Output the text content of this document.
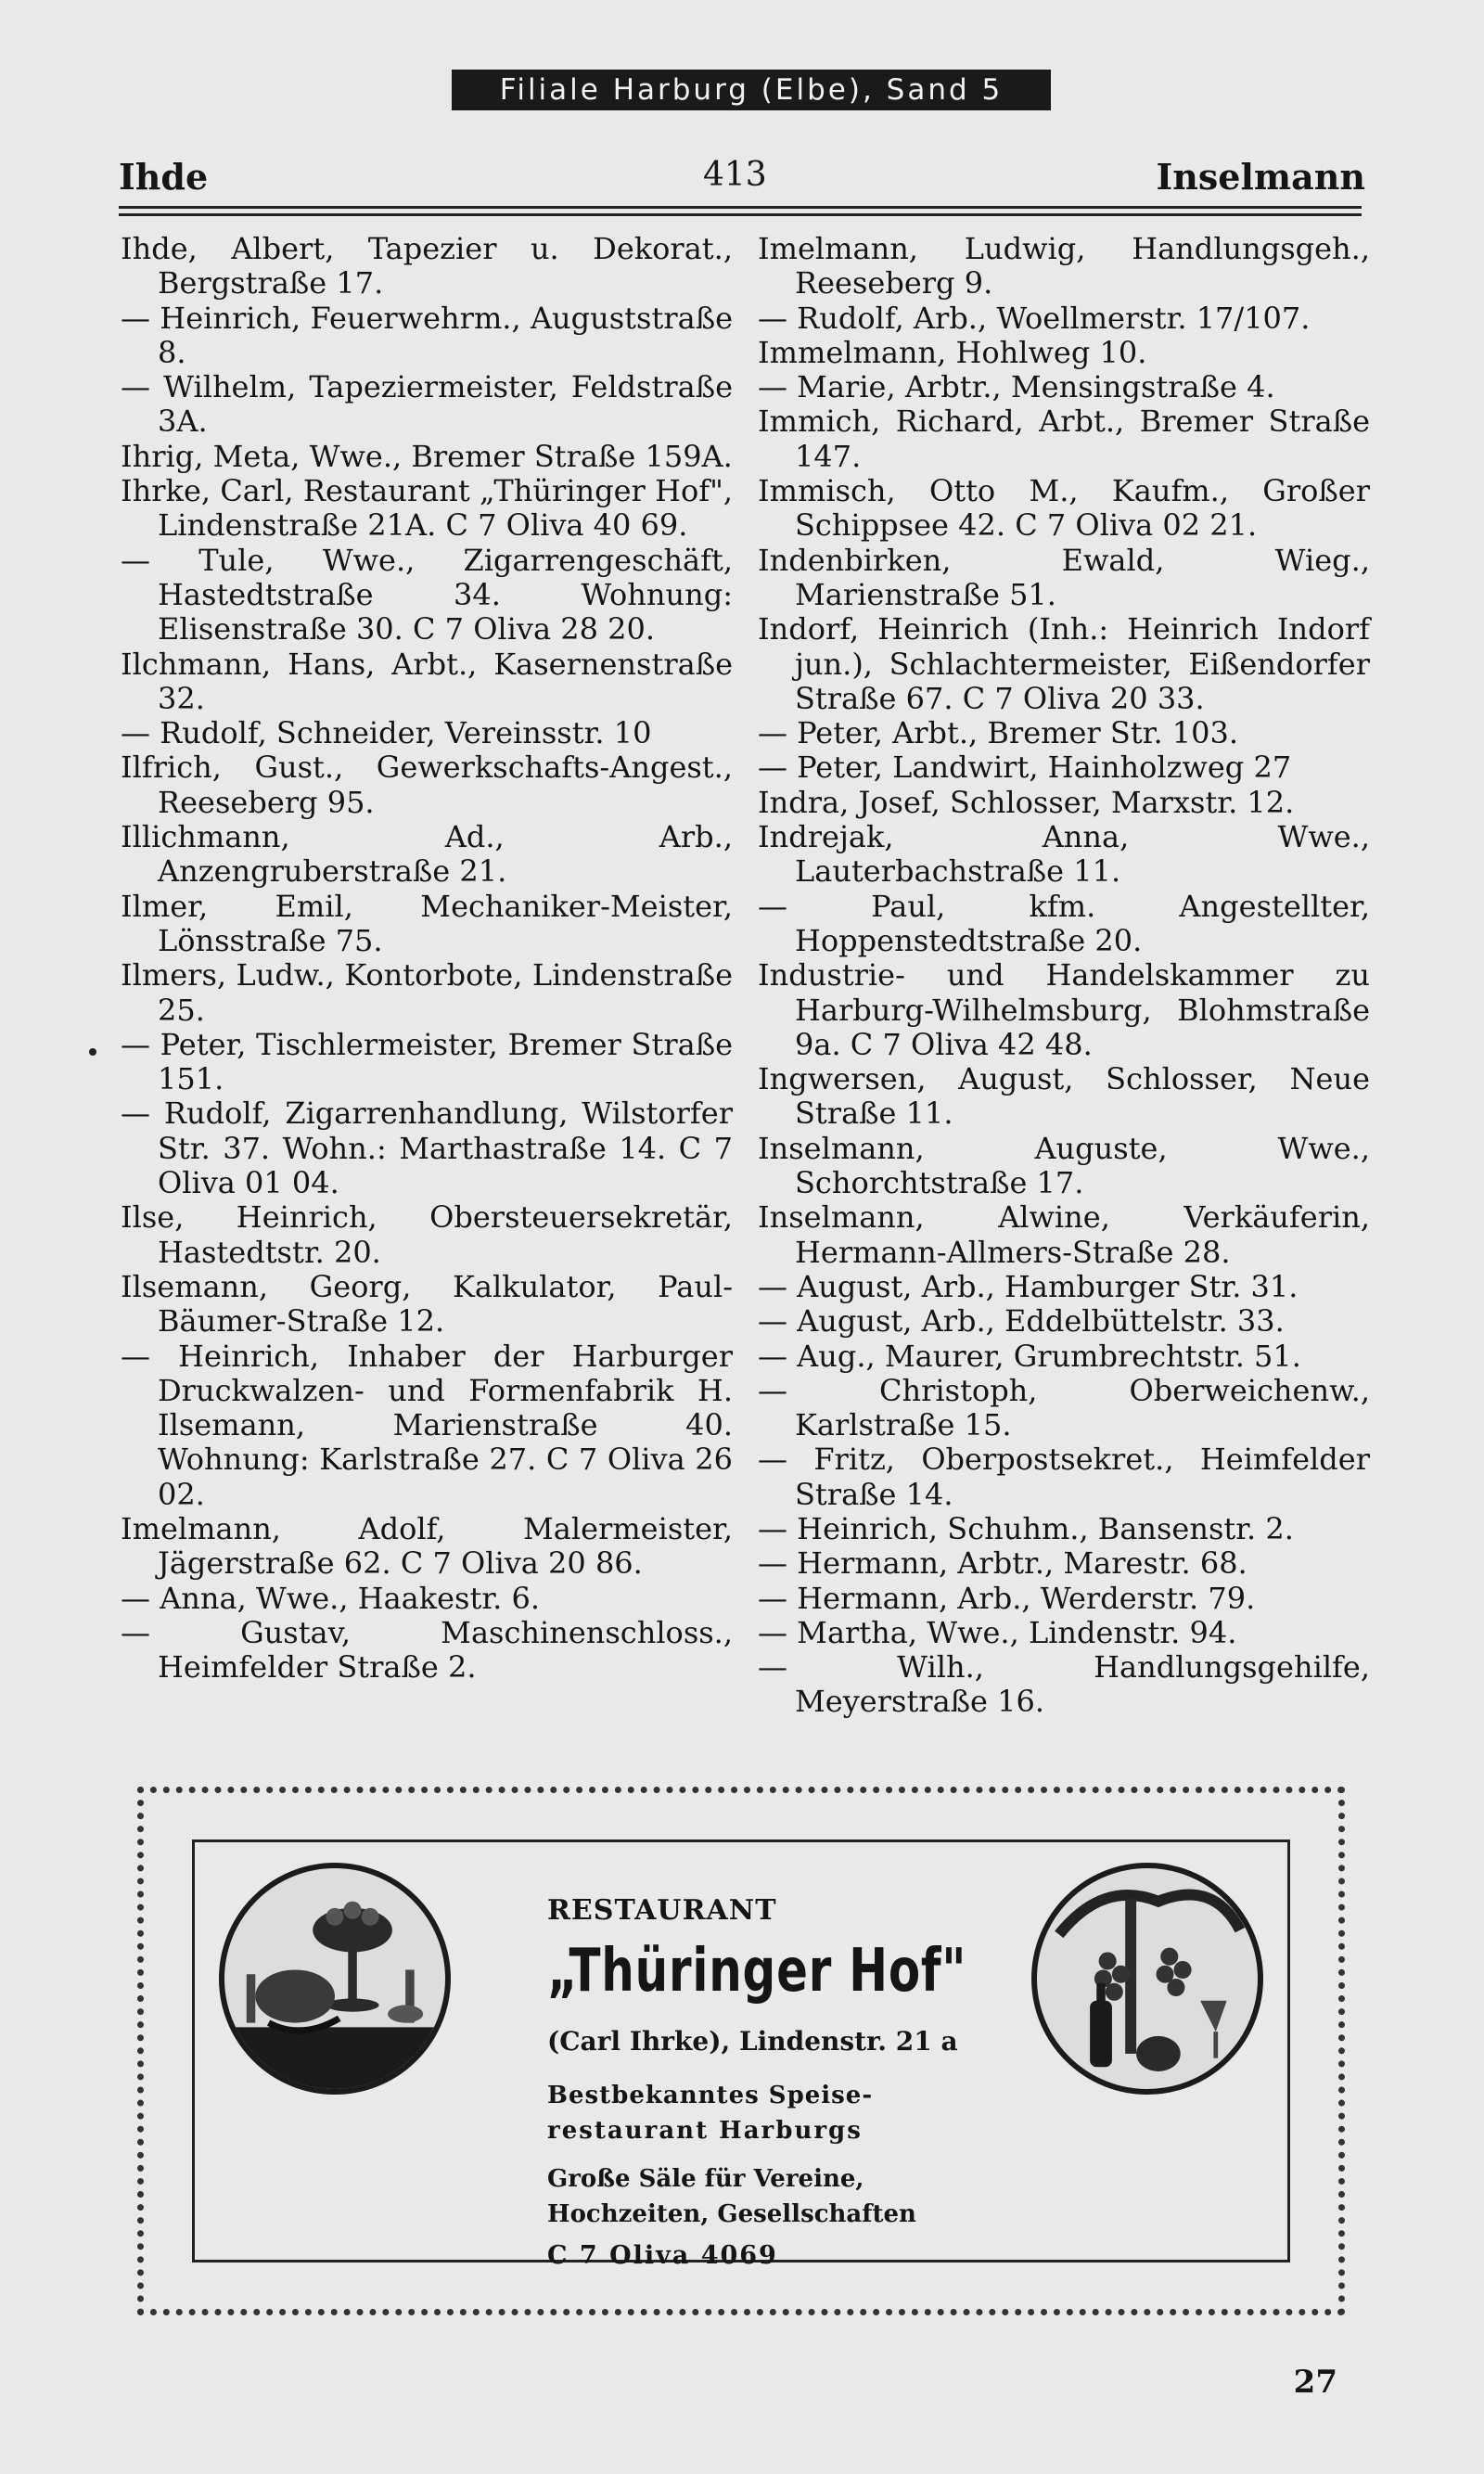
Filiale Harburg (Elbe), Sand 5
Ihde	413	Inselmann

Ihde, Albert, Tapezier u. Dekorat., Bergstraße 17.

— Heinrich, Feuerwehrm., Auguststraße 8.

— Wilhelm, Tapeziermeister, Feldstraße 3A.

Ihrig, Meta, Wwe., Bremer Straße 159A.

Ihrke, Carl, Restaurant „Thüringer Hof", Lindenstraße 21A. C 7 Oliva 40 69.

— Tule, Wwe., Zigarrengeschäft, Hastedtstraße 34. Wohnung: Elisenstraße 30. C 7 Oliva 28 20.

Ilchmann, Hans, Arbt., Kasernenstraße 32.

— Rudolf, Schneider, Vereinsstr. 10

Ilfrich, Gust., Gewerkschafts-Angest., Reeseberg 95.

Illichmann, Ad., Arb., Anzengruberstraße 21.

Ilmer, Emil, Mechaniker-Meister, Lönsstraße 75.

Ilmers, Ludw., Kontorbote, Lindenstraße 25.

— Peter, Tischlermeister, Bremer Straße 151.

— Rudolf, Zigarrenhandlung, Wilstorfer Str. 37. Wohn.: Marthastraße 14. C 7 Oliva 01 04.

Ilse, Heinrich, Obersteuersekretär, Hastedtstr. 20.

Ilsemann, Georg, Kalkulator, Paul-Bäumer-Straße 12.

— Heinrich, Inhaber der Harburger Druckwalzen- und Formenfabrik H. Ilsemann, Marienstraße 40. Wohnung: Karlstraße 27. C 7 Oliva 26 02.

Imelmann, Adolf, Malermeister, Jägerstraße 62. C 7 Oliva 20 86.

— Anna, Wwe., Haakestr. 6.

— Gustav, Maschinenschloss., Heimfelder Straße 2.

Imelmann, Ludwig, Handlungsgeh., Reeseberg 9.

— Rudolf, Arb., Woellmerstr. 17/107.

Immelmann, Hohlweg 10.

— Marie, Arbtr., Mensingstraße 4.

Immich, Richard, Arbt., Bremer Straße 147.

Immisch, Otto M., Kaufm., Großer Schippsee 42. C 7 Oliva 02 21.

Indenbirken, Ewald, Wieg., Marienstraße 51.

Indorf, Heinrich (Inh.: Heinrich Indorf jun.), Schlachtermeister, Eißendorfer Straße 67. C 7 Oliva 20 33.

— Peter, Arbt., Bremer Str. 103.

— Peter, Landwirt, Hainholzweg 27

Indra, Josef, Schlosser, Marxstr. 12.

Indrejak, Anna, Wwe., Lauterbachstraße 11.

— Paul, kfm. Angestellter, Hoppenstedtstraße 20.

Industrie- und Handelskammer zu Harburg-Wilhelmsburg, Blohmstraße 9a. C 7 Oliva 42 48.

Ingwersen, August, Schlosser, Neue Straße 11.

Inselmann, Auguste, Wwe., Schorchtstraße 17.

Inselmann, Alwine, Verkäuferin, Hermann-Allmers-Straße 28.

— August, Arb., Hamburger Str. 31.

— August, Arb., Eddelbüttelstr. 33.

— Aug., Maurer, Grumbrechtstr. 51.

— Christoph, Oberweichenw., Karlstraße 15.

— Fritz, Oberpostsekret., Heimfelder Straße 14.

— Heinrich, Schuhm., Bansenstr. 2.

— Hermann, Arbtr., Marestr. 68.

— Hermann, Arb., Werderstr. 79.

— Martha, Wwe., Lindenstr. 94.

— Wilh., Handlungsgehilfe, Meyerstraße 16.

RESTAURANT
„Thüringer Hof"
(Carl Ihrke), Lindenstr. 21 a
Bestbekanntes Speise-
restaurant Harburgs
Große Säle für Vereine,
Hochzeiten, Gesellschaften
C 7 Oliva 4069
27
